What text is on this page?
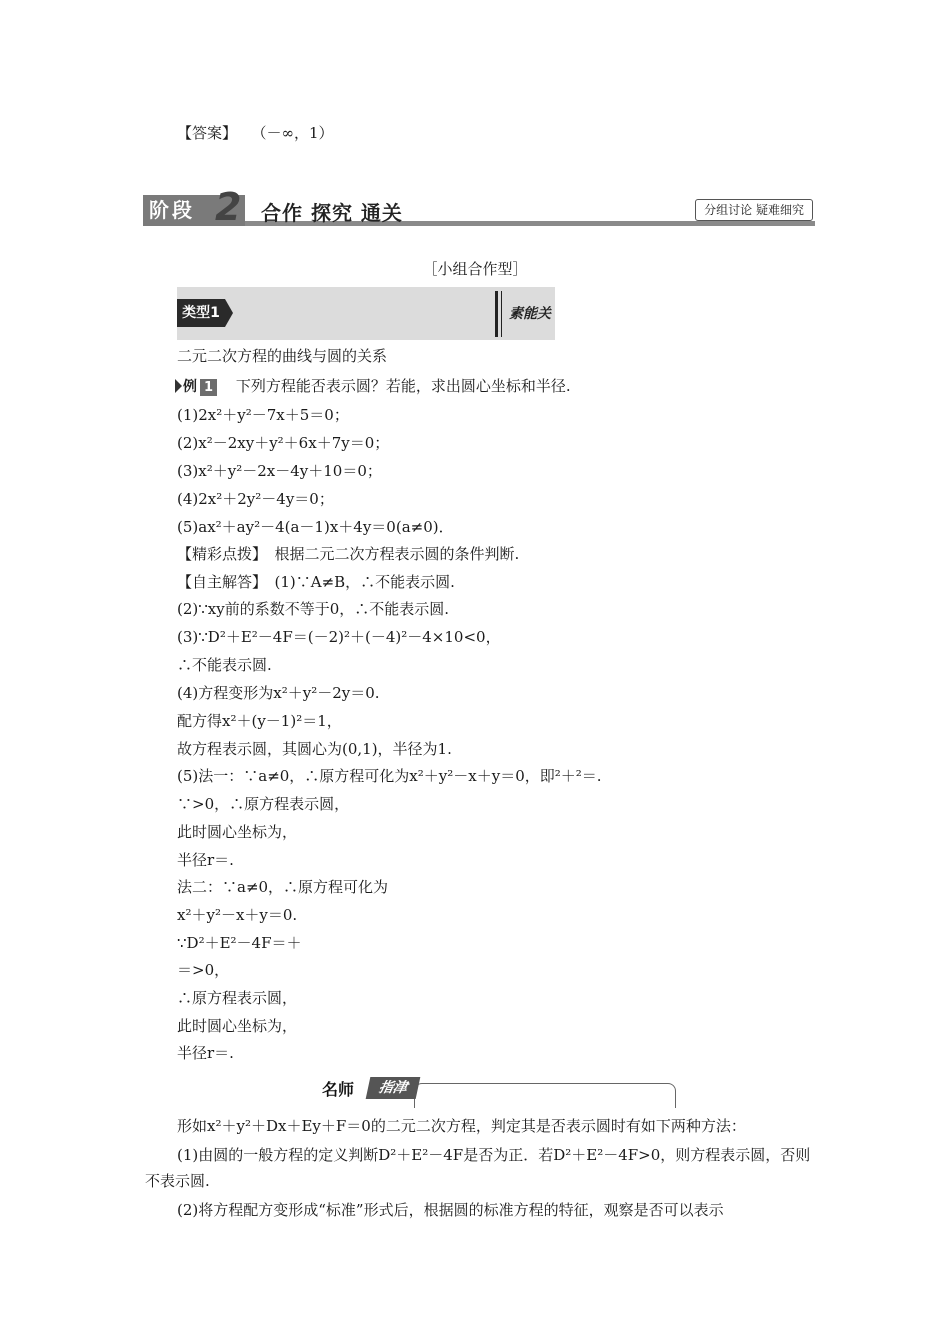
【答案】 （－∞，1）
阶段 2 合作 探究 通关	分组讨论 疑难细究
［小组合作型］
类型1	素能关
二元二次方程的曲线与圆的关系
例 1 下列方程能否表示圆？若能，求出圆心坐标和半径.
(1)2x²＋y²－7x＋5＝0；
(2)x²－2xy＋y²＋6x＋7y＝0；
(3)x²＋y²－2x－4y＋10＝0；
(4)2x²＋2y²－4y＝0；
(5)ax²＋ay²－4(a－1)x＋4y＝0(a≠0)．
【精彩点拨】　根据二元二次方程表示圆的条件判断.
【自主解答】　(1)∵A≠B，∴不能表示圆.
(2)∵xy前的系数不等于0，∴不能表示圆.
(3)∵D²＋E²－4F＝(－2)²＋(－4)²－4×10<0，
∴不能表示圆.
(4)方程变形为x²＋y²－2y＝0.
配方得x²＋(y－1)²＝1，
故方程表示圆，其圆心为(0,1)，半径为1.
(5)法一：∵a≠0，∴原方程可化为x²＋y²－x＋y＝0，即²＋²＝.
∵>0，∴原方程表示圆，
此时圆心坐标为，
半径r＝.
法二：∵a≠0，∴原方程可化为
x²＋y²－x＋y＝0.
∵D²＋E²－4F＝＋
＝>0，
∴原方程表示圆，
此时圆心坐标为，
半径r＝.
名师	指津

形如x²＋y²＋Dx＋Ey＋F＝0的二元二次方程，判定其是否表示圆时有如下两种方法：

(1)由圆的一般方程的定义判断D²＋E²－4F是否为正．若D²＋E²－4F>0，则方程表示圆，否则不表示圆.

(2)将方程配方变形成“标准”形式后，根据圆的标准方程的特征，观察是否可以表示
